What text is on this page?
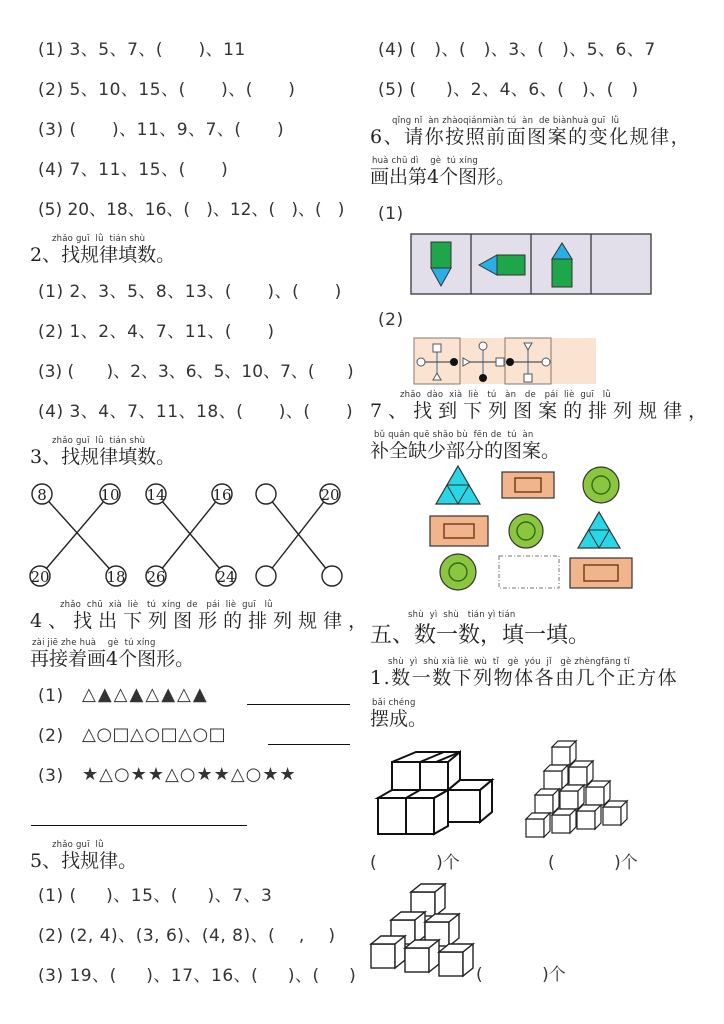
(1) 3、5、7、(      )、11
(2) 5、10、15、(      )、(      )
(3) (      )、11、9、7、(      )
(4) 7、11、15、(      )
(5) 20、18、16、(   )、12、(   )、(   )
zhǎo guī  lǜ  tián shù
2、找规律填数。
(1) 2、3、5、8、13、(      )、(      )
(2) 1、2、4、7、11、(      )
(3) (      )、2、3、6、5、10、7、(      )
(4) 3、4、7、11、18、(      )、(      )
zhǎo guī  lǜ  tián shù
3、找规律填数。
8	10
20	18
14	16
26	24
20
zhǎo  chū  xià  liè   tú  xíng  de   pái  liè  guī   lǜ
4、找出下列图形的排列规律，
zài jiē zhe huà    gè  tú xíng
再接着画4个图形。
(1) △▲△▲△▲△▲
(2) △○□△○□△○□
(3) ★△○★★△○★★△○★★
zhǎo guī  lǜ
5、找规律。
(1) (     )、15、(     )、7、3
(2) (2, 4)、(3, 6)、(4, 8)、(    ,    )
(3) 19、(     )、17、16、(     )、(     )
(4) (   )、(   )、3、(   )、5、6、7
(5) (     )、2、4、6、(   )、(   )
qǐng nǐ  àn zhàoqiánmiàn tú  àn  de biànhuà guī  lǜ
6、请你按照前面图案的变化规律，
huà chū dì    gè  tú xíng
画出第4个图形。
(1)
(2)
zhǎo  dào  xià  liè   tú   àn   de   pái  liè  guī   lǜ
7、找到下列图案的排列规律，
bǔ quán quē shǎo bù  fēn de  tú  àn
补全缺少部分的图案。
shù  yì  shù   tián yì tián
五、数一数，填一填。
shù  yì  shù xià liè  wù  tǐ   gè  yóu  jǐ   gè zhèngfāng tǐ
1.数一数下列物体各由几个正方体
bǎi chéng
摆成。
(           )个	(           )个
(           )个
